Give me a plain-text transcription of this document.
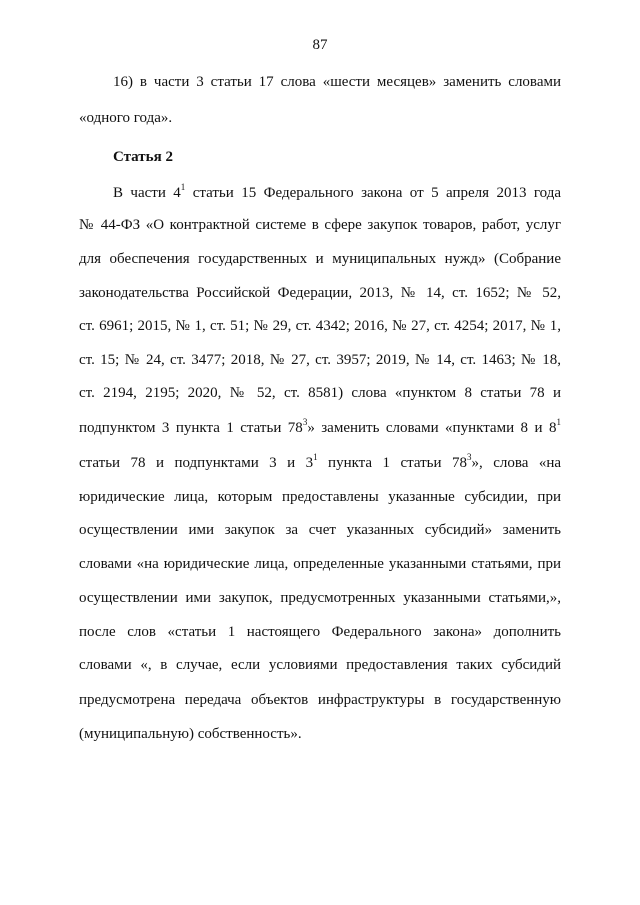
87
16) в части 3 статьи 17 слова «шести месяцев» заменить словами
«одного года».
Статья 2
В части $4^1$ статьи 15 Федерального закона от 5 апреля 2013 года
№ 44-ФЗ «О контрактной системе в сфере закупок товаров, работ, услуг
для обеспечения государственных и муниципальных нужд» (Собрание
законодательства Российской Федерации, 2013, № 14, ст. 1652; № 52,
ст. 6961; 2015, № 1, ст. 51; № 29, ст. 4342; 2016, № 27, ст. 4254; 2017, № 1,
ст. 15; № 24, ст. 3477; 2018, № 27, ст. 3957; 2019, № 14, ст. 1463; № 18,
ст. 2194, 2195; 2020, № 52, ст. 8581) слова «пунктом 8 статьи 78 и
подпунктом 3 пункта 1 статьи $78^3$» заменить словами «пунктами 8 и $8^1$
статьи 78 и подпунктами 3 и $3^1$ пункта 1 статьи $78^3$», слова «на
юридические лица, которым предоставлены указанные субсидии, при
осуществлении ими закупок за счет указанных субсидий» заменить
словами «на юридические лица, определенные указанными статьями, при
осуществлении ими закупок, предусмотренных указанными статьями,»,
после слов «статьи 1 настоящего Федерального закона» дополнить
словами «, в случае, если условиями предоставления таких субсидий
предусмотрена передача объектов инфраструктуры в государственную
(муниципальную) собственность».
